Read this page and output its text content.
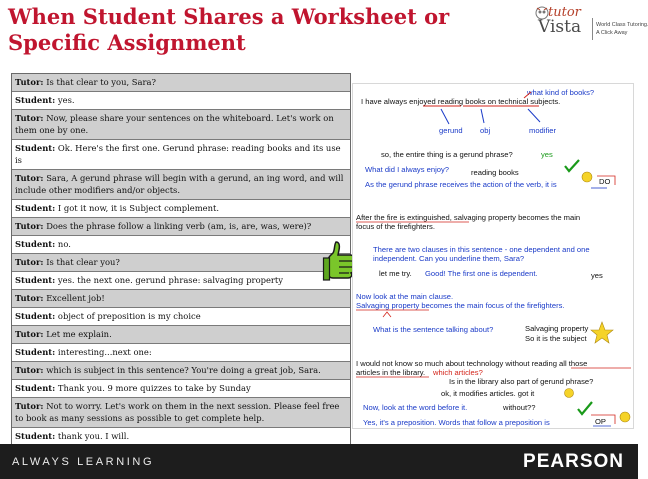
When Student Shares a Worksheet or
Specific Assignment
tutor
Vista	World Class Tutoring.
A Click Away
Tutor: Is that clear to you, Sara?
Student: yes.
Tutor: Now, please share your sentences on the whiteboard. Let's work on them one by one.
Student: Ok. Here's the first one. Gerund phrase: reading books and its use is
Tutor: Sara, A gerund phrase will begin with a gerund, an ing word, and will include other modifiers and/or objects.
Student: I got it now, it is Subject complement.
Tutor: Does the phrase follow a linking verb (am, is, are, was, were)?
Student: no.
Tutor: Is that clear you?
Student: yes. the next one. gerund phrase: salvaging property
Tutor: Excellent job!
Student: object of preposition is my choice
Tutor: Let me explain.
Student: interesting...next one:
Tutor: which is subject in this sentence? You're doing a great job, Sara.
Student: Thank you. 9 more quizzes to take by Sunday
Tutor: Not to worry. Let's work on them in the next session. Please feel free to book as many sessions as possible to get complete help.
Student: thank you. I will.
what kind of books?
I have always enjoyed reading books on technical subjects.
gerund obj	modifier
so, the entire thing is a gerund phrase?	yes
What did I always enjoy?	reading books
As the gerund phrase receives the action of the verb, it is	DO
After the fire is extinguished, salvaging property becomes the main
focus of the firefighters.
There are two clauses in this sentence - one dependent and one
independent. Can you underline them, Sara?
let me try. Good! The first one is dependent.	yes
Now look at the main clause.
Salvaging property becomes the main focus of the firefighters.
What is the sentence talking about?	Salvaging property
So it is the subject
I would not know so much about technology without reading all those
articles in the library. which articles?
Is in the library also part of gerund phrase?
ok, it modifies articles. got it
Now, look at the word before it.	without??
Yes, it's a preposition. Words that follow a preposition is	OP
ALWAYS LEARNING	PEARSON
